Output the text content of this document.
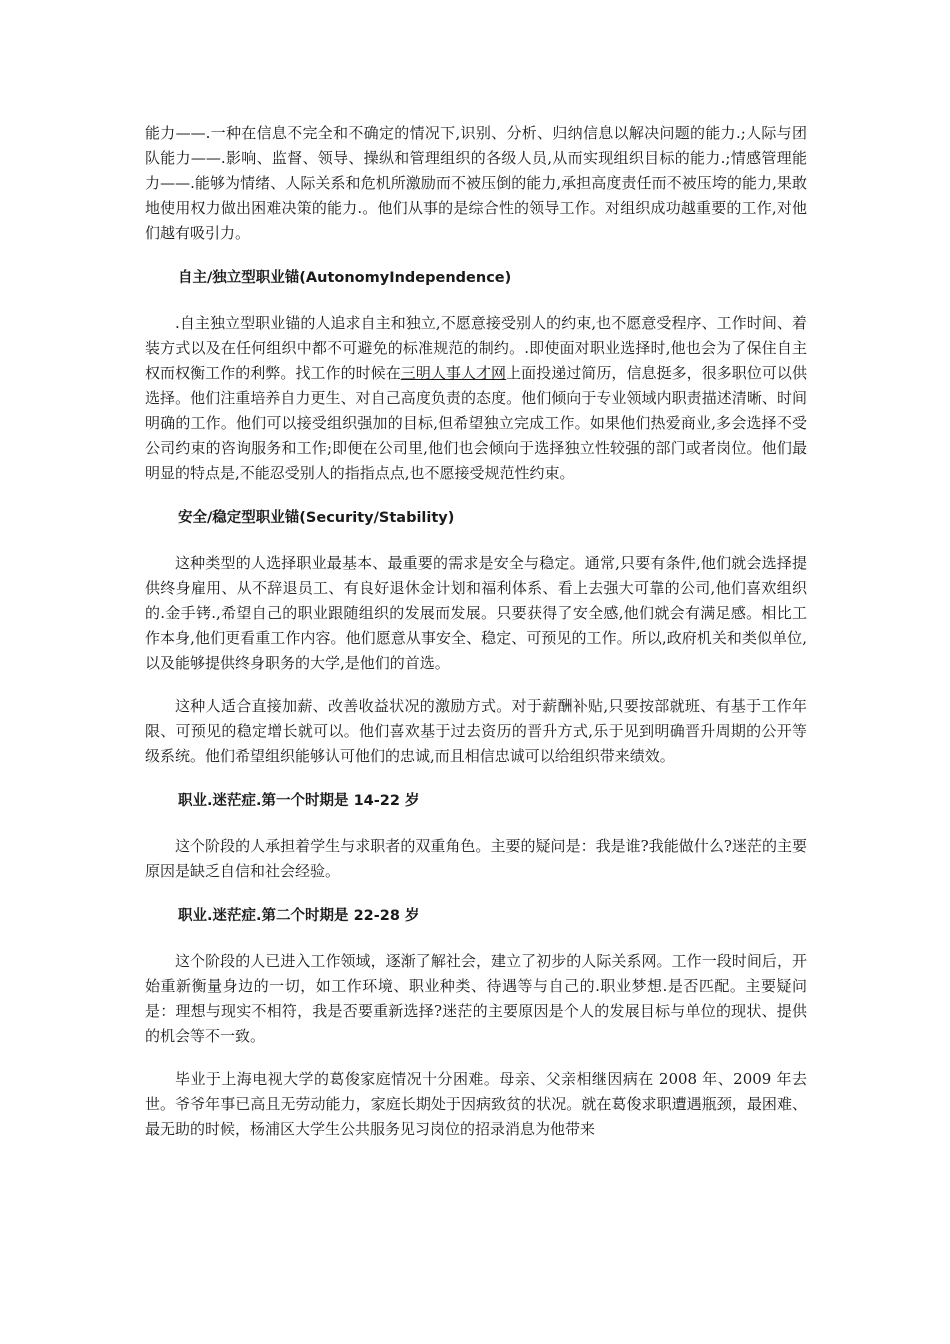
能力——.一种在信息不完全和不确定的情况下,识别、分析、归纳信息以解决问题的能力.;人际与团队能力——.影响、监督、领导、操纵和管理组织的各级人员,从而实现组织目标的能力.;情感管理能力——.能够为情绪、人际关系和危机所激励而不被压倒的能力,承担高度责任而不被压垮的能力,果敢地使用权力做出困难决策的能力.。他们从事的是综合性的领导工作。对组织成功越重要的工作,对他们越有吸引力。

自主/独立型职业锚(AutonomyIndependence)

.自主独立型职业锚的人追求自主和独立,不愿意接受别人的约束,也不愿意受程序、工作时间、着装方式以及在任何组织中都不可避免的标准规范的制约。.即使面对职业选择时,他也会为了保住自主权而权衡工作的利弊。找工作的时候在三明人事人才网上面投递过简历，信息挺多，很多职位可以供选择。他们注重培养自力更生、对自己高度负责的态度。他们倾向于专业领域内职责描述清晰、时间明确的工作。他们可以接受组织强加的目标,但希望独立完成工作。如果他们热爱商业,多会选择不受公司约束的咨询服务和工作;即便在公司里,他们也会倾向于选择独立性较强的部门或者岗位。他们最明显的特点是,不能忍受别人的指指点点,也不愿接受规范性约束。

安全/稳定型职业锚(Security/Stability)

这种类型的人选择职业最基本、最重要的需求是安全与稳定。通常,只要有条件,他们就会选择提供终身雇用、从不辞退员工、有良好退休金计划和福利体系、看上去强大可靠的公司,他们喜欢组织的.金手铐.,希望自己的职业跟随组织的发展而发展。只要获得了安全感,他们就会有满足感。相比工作本身,他们更看重工作内容。他们愿意从事安全、稳定、可预见的工作。所以,政府机关和类似单位,以及能够提供终身职务的大学,是他们的首选。

这种人适合直接加薪、改善收益状况的激励方式。对于薪酬补贴,只要按部就班、有基于工作年限、可预见的稳定增长就可以。他们喜欢基于过去资历的晋升方式,乐于见到明确晋升周期的公开等级系统。他们希望组织能够认可他们的忠诚,而且相信忠诚可以给组织带来绩效。

职业.迷茫症.第一个时期是 14-22 岁

这个阶段的人承担着学生与求职者的双重角色。主要的疑问是：我是谁?我能做什么?迷茫的主要原因是缺乏自信和社会经验。

职业.迷茫症.第二个时期是 22-28 岁

这个阶段的人已进入工作领域，逐渐了解社会，建立了初步的人际关系网。工作一段时间后，开始重新衡量身边的一切，如工作环境、职业种类、待遇等与自己的.职业梦想.是否匹配。主要疑问是：理想与现实不相符，我是否要重新选择?迷茫的主要原因是个人的发展目标与单位的现状、提供的机会等不一致。

毕业于上海电视大学的葛俊家庭情况十分困难。母亲、父亲相继因病在 2008 年、2009 年去世。爷爷年事已高且无劳动能力，家庭长期处于因病致贫的状况。就在葛俊求职遭遇瓶颈，最困难、最无助的时候，杨浦区大学生公共服务见习岗位的招录消息为他带来
